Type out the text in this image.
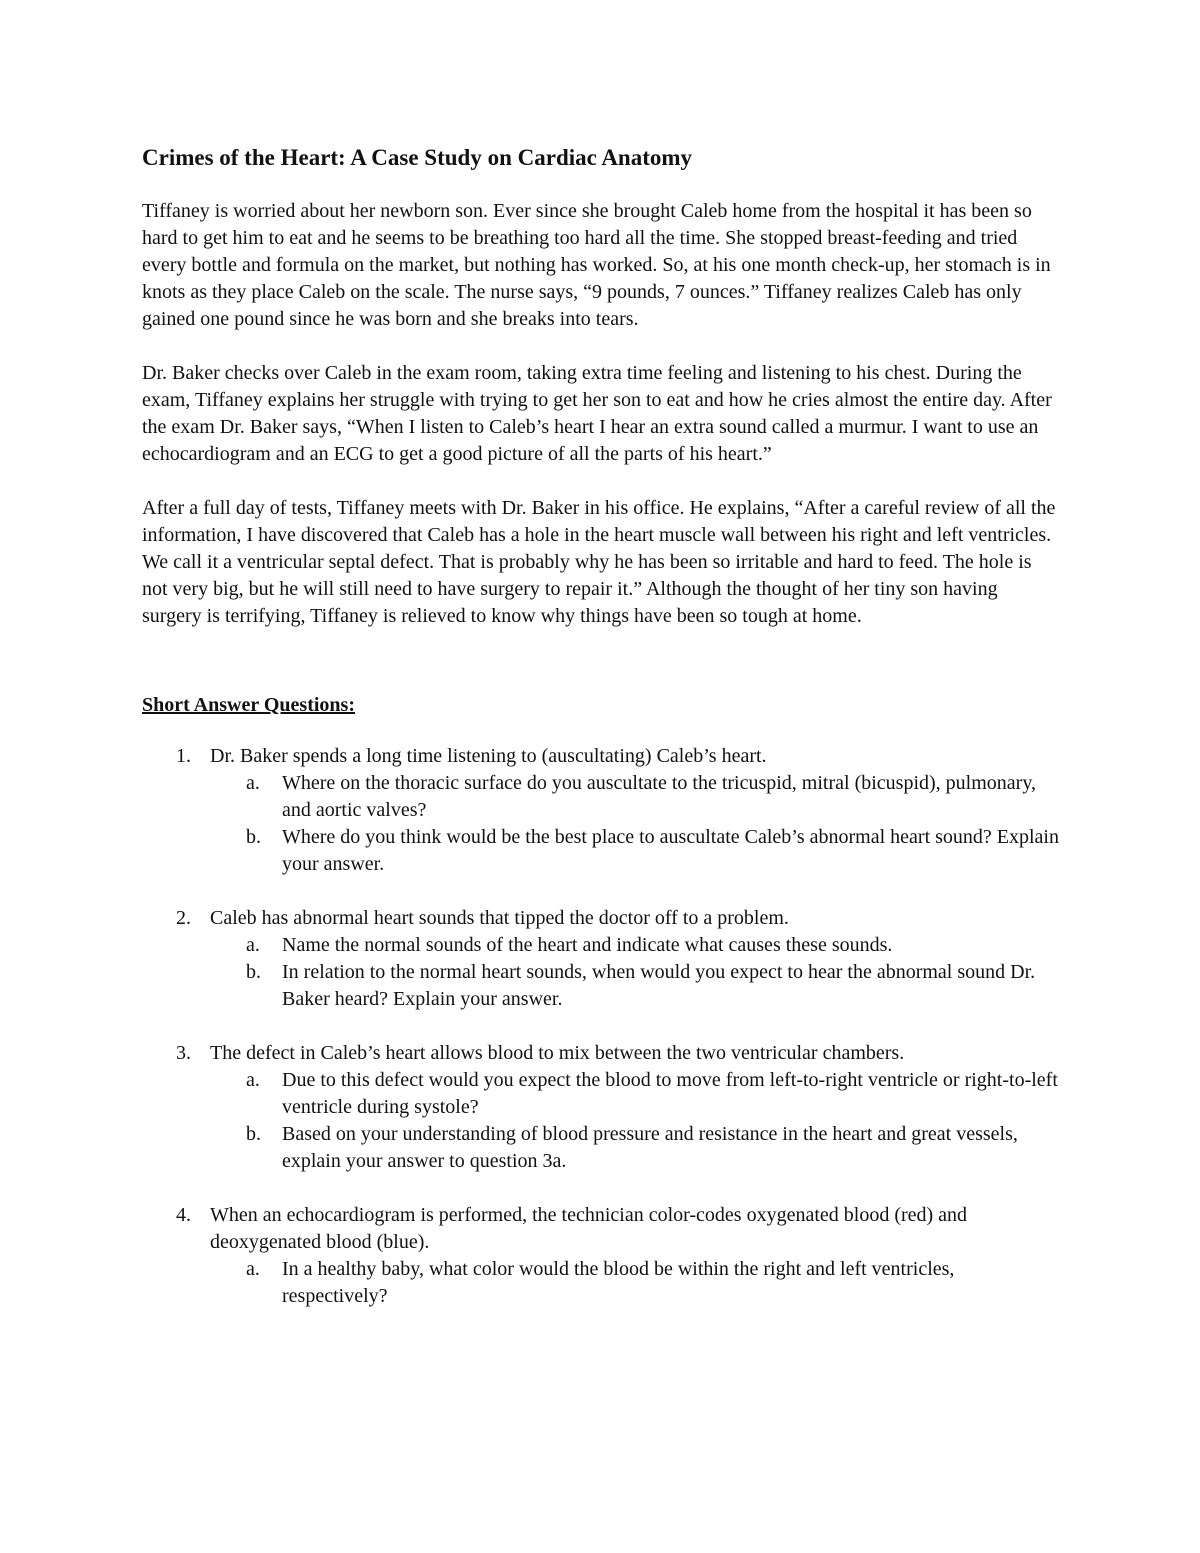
Crimes of the Heart: A Case Study on Cardiac Anatomy

Tiffaney is worried about her newborn son. Ever since she brought Caleb home from the hospital it has been so hard to get him to eat and he seems to be breathing too hard all the time. She stopped breast-feeding and tried every bottle and formula on the market, but nothing has worked. So, at his one month check-up, her stomach is in knots as they place Caleb on the scale. The nurse says, “9 pounds, 7 ounces.” Tiffaney realizes Caleb has only gained one pound since he was born and she breaks into tears.

Dr. Baker checks over Caleb in the exam room, taking extra time feeling and listening to his chest. During the exam, Tiffaney explains her struggle with trying to get her son to eat and how he cries almost the entire day. After the exam Dr. Baker says, “When I listen to Caleb’s heart I hear an extra sound called a murmur. I want to use an echocardiogram and an ECG to get a good picture of all the parts of his heart.”

After a full day of tests, Tiffaney meets with Dr. Baker in his office. He explains, “After a careful review of all the information, I have discovered that Caleb has a hole in the heart muscle wall between his right and left ventricles. We call it a ventricular septal defect. That is probably why he has been so irritable and hard to feed. The hole is not very big, but he will still need to have surgery to repair it.” Although the thought of her tiny son having surgery is terrifying, Tiffaney is relieved to know why things have been so tough at home.

Short Answer Questions:
1. Dr. Baker spends a long time listening to (auscultating) Caleb’s heart.
a. Where on the thoracic surface do you auscultate to the tricuspid, mitral (bicuspid), pulmonary, and aortic valves?
b. Where do you think would be the best place to auscultate Caleb’s abnormal heart sound? Explain your answer.
2. Caleb has abnormal heart sounds that tipped the doctor off to a problem.
a. Name the normal sounds of the heart and indicate what causes these sounds.
b. In relation to the normal heart sounds, when would you expect to hear the abnormal sound Dr. Baker heard? Explain your answer.
3. The defect in Caleb’s heart allows blood to mix between the two ventricular chambers.
a. Due to this defect would you expect the blood to move from left-to-right ventricle or right-to-left ventricle during systole?
b. Based on your understanding of blood pressure and resistance in the heart and great vessels, explain your answer to question 3a.
4. When an echocardiogram is performed, the technician color-codes oxygenated blood (red) and deoxygenated blood (blue).
a. In a healthy baby, what color would the blood be within the right and left ventricles, respectively?
